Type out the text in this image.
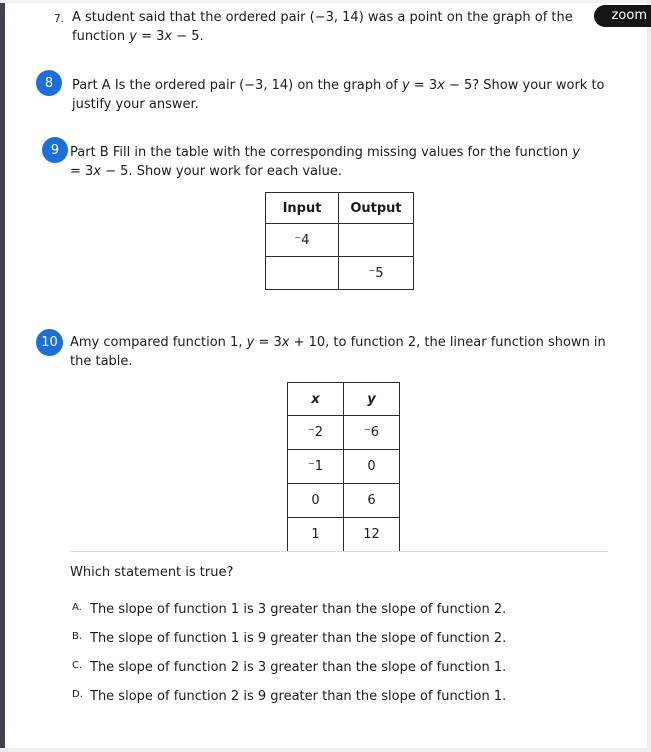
zoom
7. A student said that the ordered pair (−3, 14) was a point on the graph of the function y = 3x − 5.

8	Part A Is the ordered pair (−3, 14) on the graph of y = 3x − 5? Show your work to justify your answer.

9 Part B Fill in the table with the corresponding missing values for the function y = 3x − 5. Show your work for each value.

Input	Output
⁻4	
	⁻5
10 Amy compared function 1, y = 3x + 10, to function 2, the linear function shown in the table.

x	y
⁻2	⁻6
⁻1	0
0	6
1	12

Which statement is true?

A. The slope of function 1 is 3 greater than the slope of function 2.
B. The slope of function 1 is 9 greater than the slope of function 2.
C. The slope of function 2 is 3 greater than the slope of function 1.
D. The slope of function 2 is 9 greater than the slope of function 1.
